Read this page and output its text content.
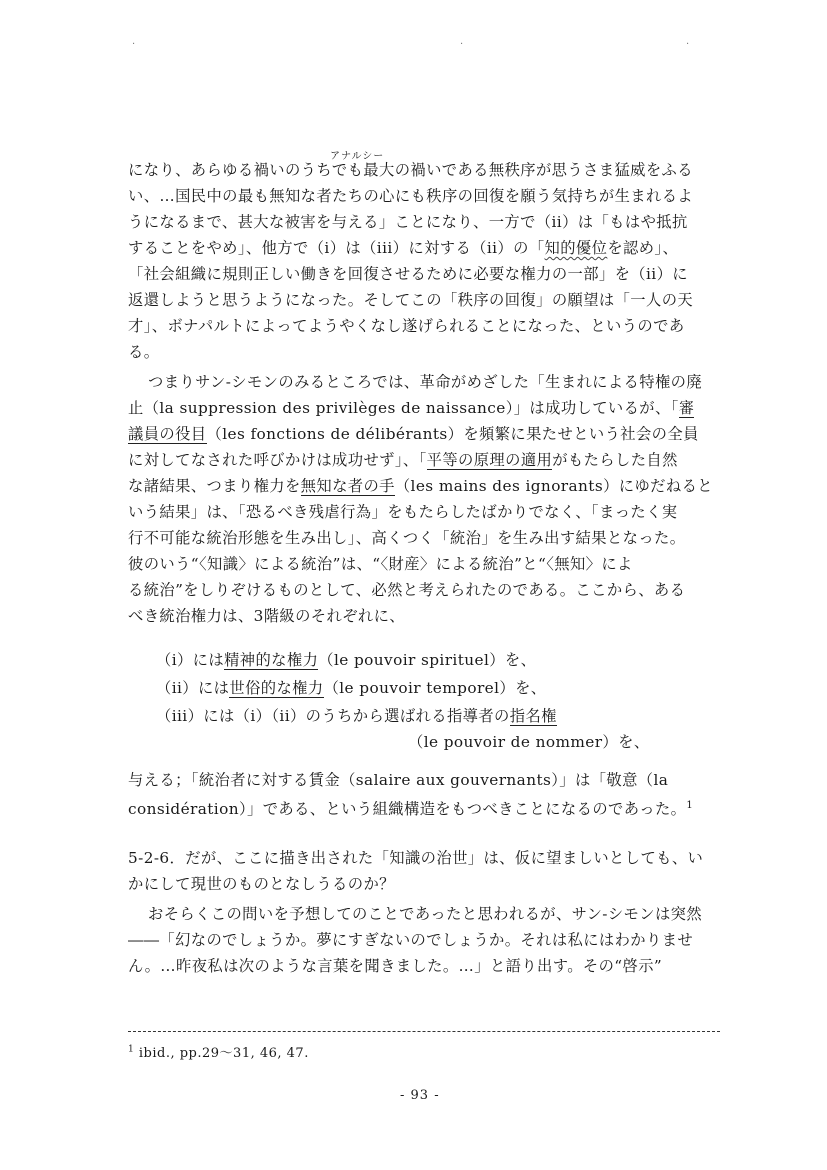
.	.	.
アナルシー
になり、あらゆる禍いのうちでも最大の禍いである無秩序が思うさま猛威をふる
い、…国民中の最も無知な者たちの心にも秩序の回復を願う気持ちが生まれるよ
うになるまで、甚大な被害を与える」ことになり、一方で（ii）は「もはや抵抗
することをやめ」、他方で（i）は（iii）に対する（ii）の「知的優位を認め」、
「社会組織に規則正しい働きを回復させるために必要な権力の一部」を（ii）に
返還しようと思うようになった。そしてこの「秩序の回復」の願望は「一人の天
才」、ボナパルトによってようやくなし遂げられることになった、というのであ
る。
つまりサン-シモンのみるところでは、革命がめざした「生まれによる特権の廃
止（la suppression des privilèges de naissance）」は成功しているが、「審
議員の役目（les fonctions de délibérants）を頻繁に果たせという社会の全員
に対してなされた呼びかけは成功せず」、「平等の原理の適用がもたらした自然
な諸結果、つまり権力を無知な者の手（les mains des ignorants）にゆだねると
いう結果」は、「恐るべき残虐行為」をもたらしたばかりでなく、「まったく実
行不可能な統治形態を生み出し」、高くつく「統治」を生み出す結果となった。
彼のいう“〈知識〉による統治”は、“〈財産〉による統治”と“〈無知〉によ
る統治”をしりぞけるものとして、必然と考えられたのである。ここから、ある
べき統治権力は、3階級のそれぞれに、
（i）には精神的な権力（le pouvoir spirituel）を、
（ii）には世俗的な権力（le pouvoir temporel）を、
（iii）には（i）（ii）のうちから選ばれる指導者の指名権
（le pouvoir de nommer）を、
与える；「統治者に対する賃金（salaire aux gouvernants）」は「敬意（la
considération）」である、という組織構造をもつべきことになるのであった。$^1$
5-2-6．だが、ここに描き出された「知識の治世」は、仮に望ましいとしても、い
かにして現世のものとなしうるのか？
おそらくこの問いを予想してのことであったと思われるが、サン-シモンは突然
――「幻なのでしょうか。夢にすぎないのでしょうか。それは私にはわかりませ
ん。…昨夜私は次のような言葉を聞きました。…」と語り出す。その“啓示”
$^1$ ibid., pp.29～31, 46, 47.
- 93 -
